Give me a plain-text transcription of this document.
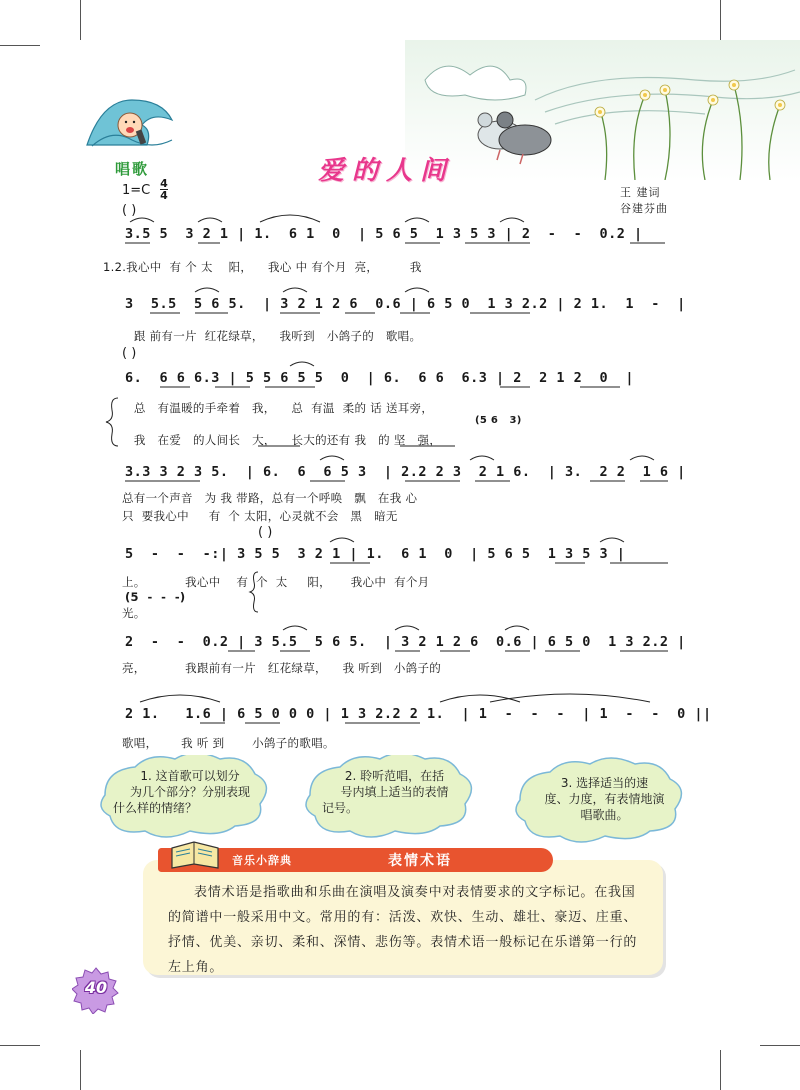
唱歌	爱的人间
1=C 4
4
( )
王 建词
谷建芬曲
3.5 5  3 2 1 | 1.  6 1  0  | 5 6 5  1 3 5 3 | 2  -  -  0.2 |
1.2.我心中  有 个 太    阳，    我心 中 有个月  亮，        我
3  5.5  5 6 5.  | 3 2 1 2 6  0.6 | 6 5 0  1 3 2.2 | 2 1.  1  -  |
跟 前有一片  红花绿草，    我听到   小鸽子的   歌唱。
( )
6.  6 6 6.3 | 5 5 6 5 5  0  | 6.  6 6  6.3 | 2  2 1 2  0  |
总   有温暖的手牵着   我，    总  有温  柔的 话 送耳旁，
(5 6   3)
我   在爱   的人间长   大，    长大的还有 我   的 坚   强，
3.3 3 2 3 5.  | 6.  6  6 5 3  | 2.2 2 3  2 1 6.  | 3.  2 2  1 6 |
总有一个声音   为 我 带路，总有一个呼唤   飘   在我 心
只  要我心中     有  个 太阳，心灵就不会   黑   暗无
( )
5  -  -  -:| 3 5 5  3 2 1 | 1.  6 1  0  | 5 6 5  1 3 5 3 |
上。          我心中    有  个  太     阳，     我心中  有个月
(5  -  -  -)
光。
2  -  -  0.2 | 3 5.5  5 6 5.  | 3 2 1 2 6  0.6 | 6 5 0  1 3 2.2 |
亮，          我跟前有一片   红花绿草，    我 听到   小鸽子的
2 1.   1.6 | 6 5 0 0 0 | 1 3 2.2 2 1.  | 1  -  -  -  | 1  -  -  0 ||
歌唱，      我 听 到       小鸽子的歌唱。
1. 这首歌可以划分
为几个部分？分别表现
什么样的情绪？
2. 聆听范唱，在括
号内填上适当的表情
记号。
3. 选择适当的速
度、力度，有表情地演
唱歌曲。
音乐小辞典	表情术语
表情术语是指歌曲和乐曲在演唱及演奏中对表情要求的文字标记。在我国的简谱中一般采用中文。常用的有：活泼、欢快、生动、雄壮、豪迈、庄重、抒情、优美、亲切、柔和、深情、悲伤等。表情术语一般标记在乐谱第一行的左上角。
40
